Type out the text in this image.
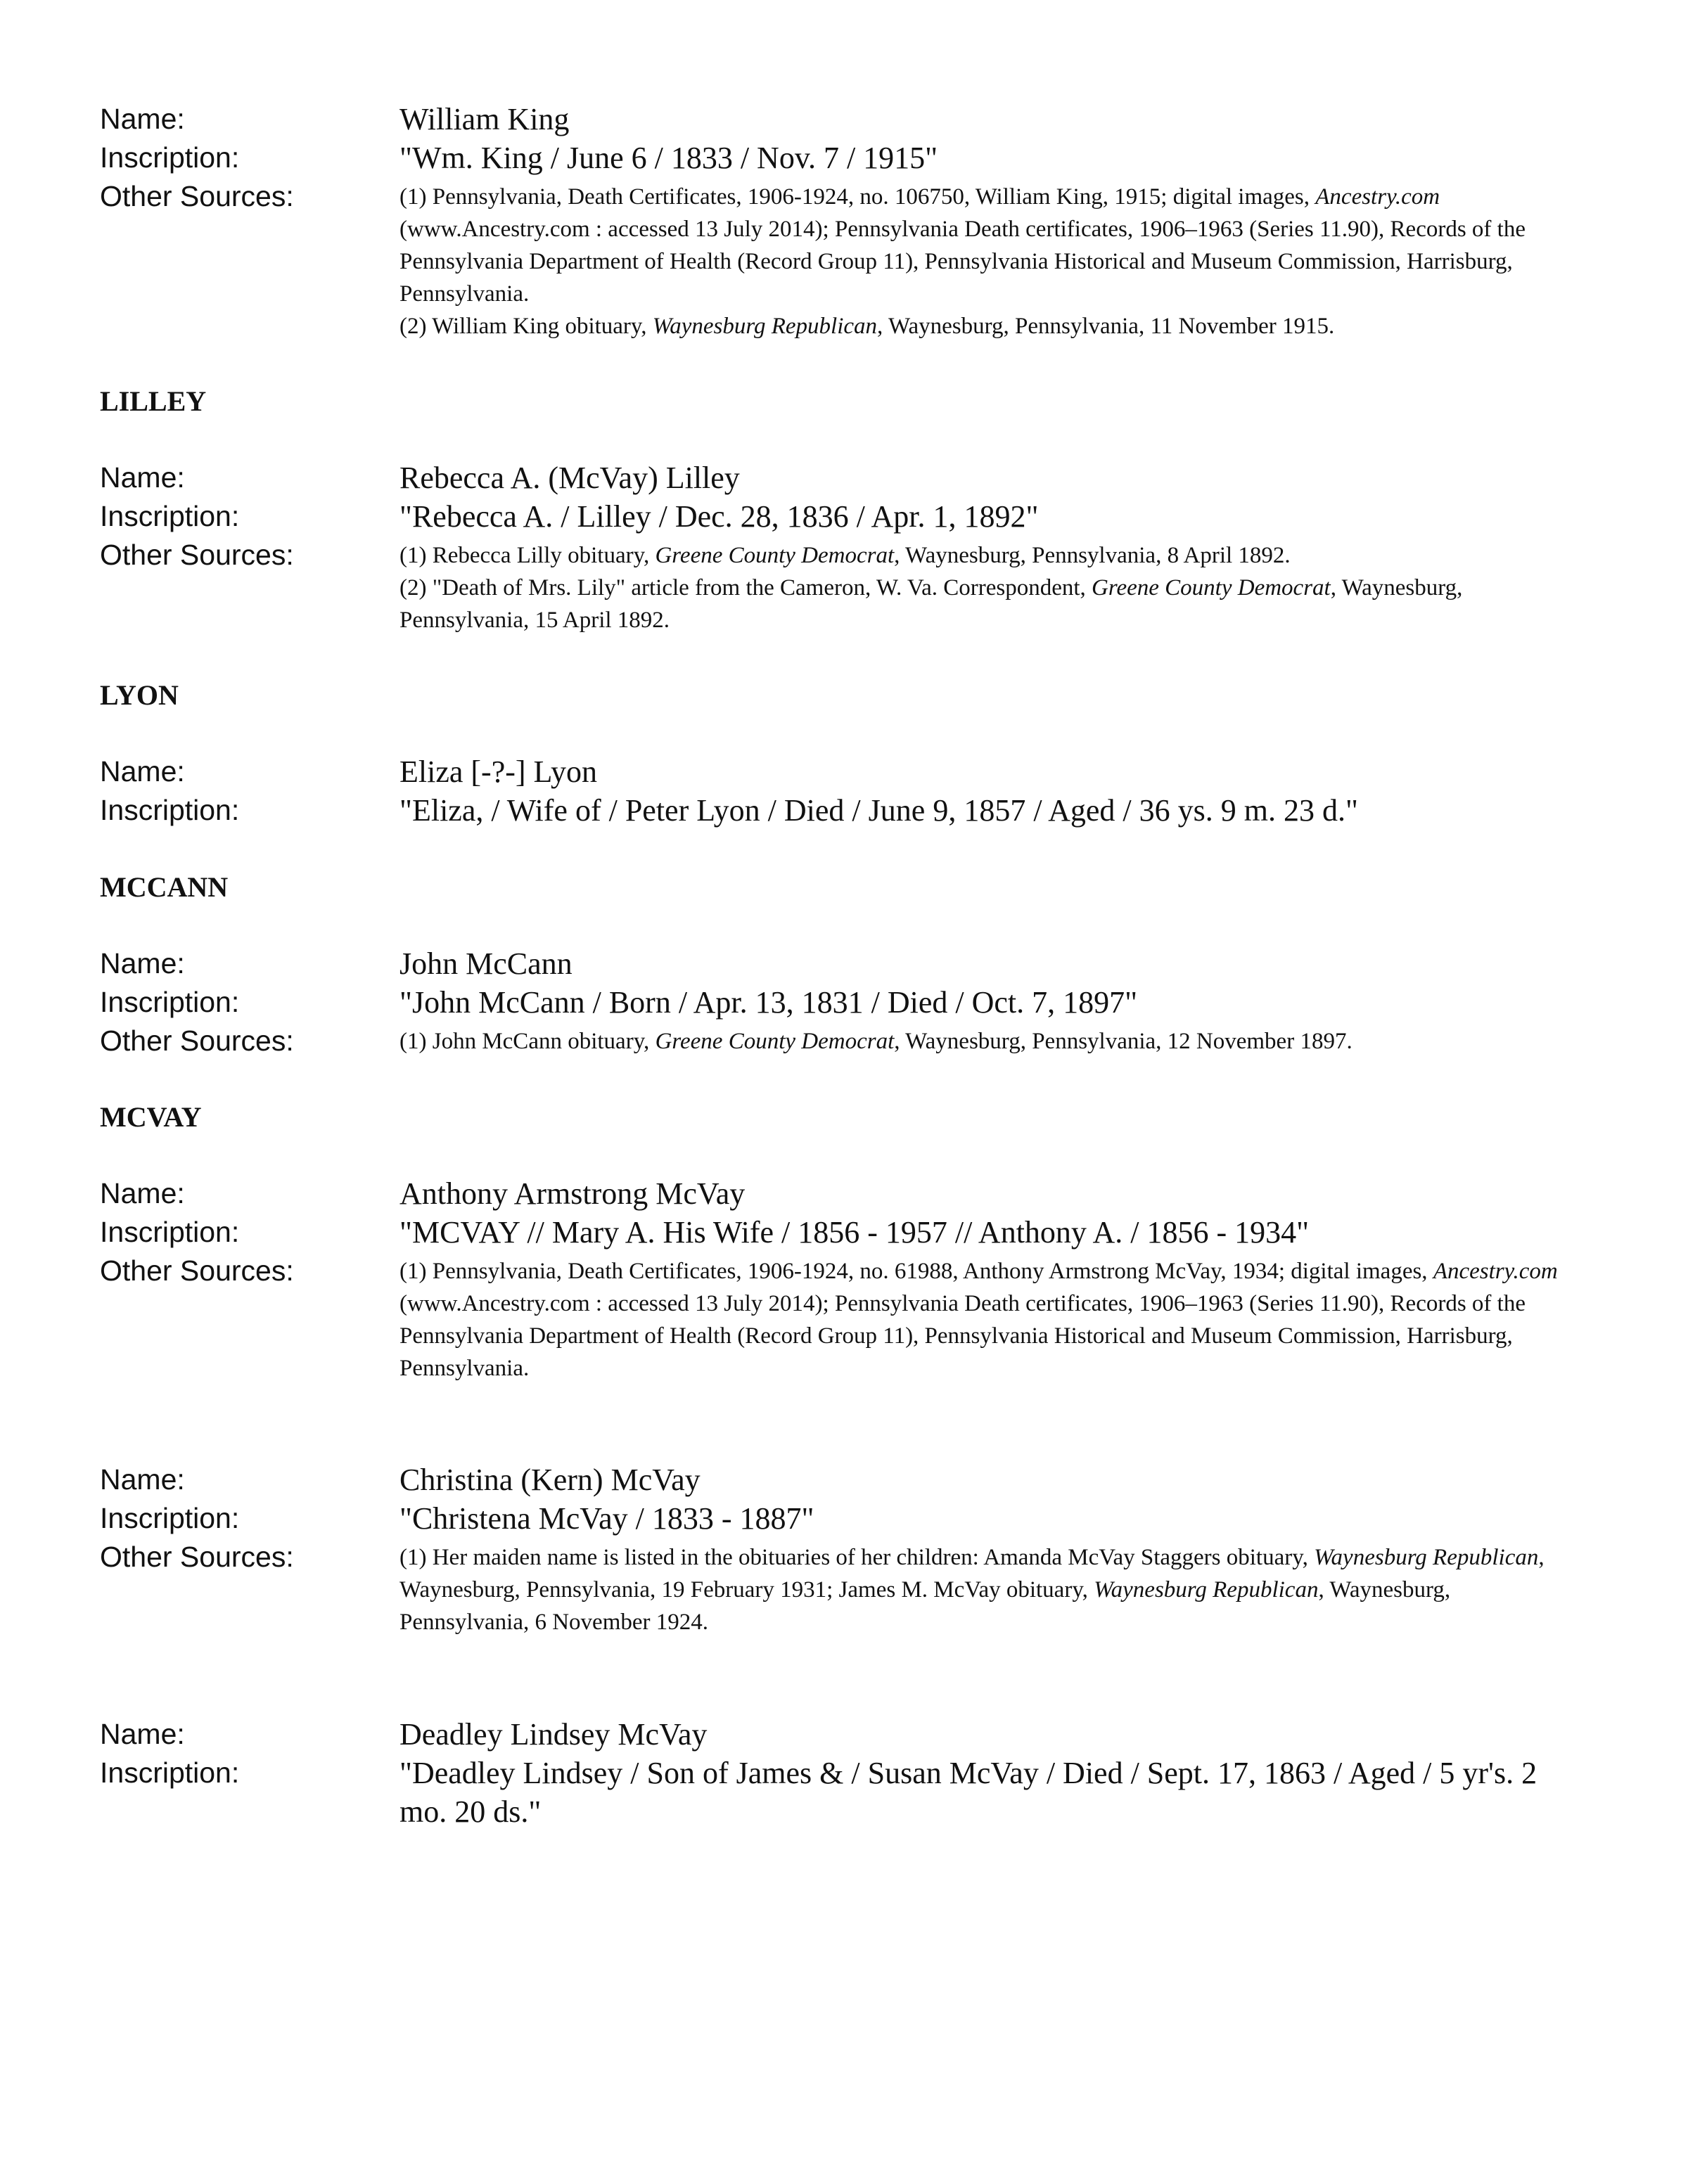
Name:	William King
Inscription:	"Wm. King / June 6 / 1833 / Nov. 7 / 1915"
Other Sources:	(1) Pennsylvania, Death Certificates, 1906-1924, no. 106750, William King, 1915; digital images, Ancestry.com (www.Ancestry.com : accessed 13 July 2014); Pennsylvania Death certificates, 1906–1963 (Series 11.90), Records of the Pennsylvania Department of Health (Record Group 11), Pennsylvania Historical and Museum Commission, Harrisburg, Pennsylvania.

(2) William King obituary, Waynesburg Republican, Waynesburg, Pennsylvania, 11 November 1915.

LILLEY
Name:	Rebecca A. (McVay) Lilley
Inscription:	"Rebecca A. / Lilley / Dec. 28, 1836 / Apr. 1, 1892"
Other Sources:	(1) Rebecca Lilly obituary, Greene County Democrat, Waynesburg, Pennsylvania, 8 April 1892.

(2) "Death of Mrs. Lily" article from the Cameron, W. Va. Correspondent, Greene County Democrat, Waynesburg, Pennsylvania, 15 April 1892.

LYON
Name:	Eliza [-?-] Lyon
Inscription:	"Eliza, / Wife of / Peter Lyon / Died / June 9, 1857 / Aged / 36 ys. 9 m. 23 d."
MCCANN
Name:	John McCann
Inscription:	"John McCann / Born / Apr. 13, 1831 / Died / Oct. 7, 1897"
Other Sources:	(1) John McCann obituary, Greene County Democrat, Waynesburg, Pennsylvania, 12 November 1897.

MCVAY
Name:	Anthony Armstrong McVay
Inscription:	"MCVAY // Mary A. His Wife / 1856 - 1957 // Anthony A. / 1856 - 1934"
Other Sources:	(1) Pennsylvania, Death Certificates, 1906-1924, no. 61988, Anthony Armstrong McVay, 1934; digital images, Ancestry.com (www.Ancestry.com : accessed 13 July 2014); Pennsylvania Death certificates, 1906–1963 (Series 11.90), Records of the Pennsylvania Department of Health (Record Group 11), Pennsylvania Historical and Museum Commission, Harrisburg, Pennsylvania.

Name:	Christina (Kern) McVay
Inscription:	"Christena McVay / 1833 - 1887"
Other Sources:	(1) Her maiden name is listed in the obituaries of her children: Amanda McVay Staggers obituary, Waynesburg Republican, Waynesburg, Pennsylvania, 19 February 1931; James M. McVay obituary, Waynesburg Republican, Waynesburg, Pennsylvania, 6 November 1924.

Name:	Deadley Lindsey McVay
Inscription:	"Deadley Lindsey / Son of James & / Susan McVay / Died / Sept. 17, 1863 / Aged / 5 yr's. 2 mo. 20 ds."
